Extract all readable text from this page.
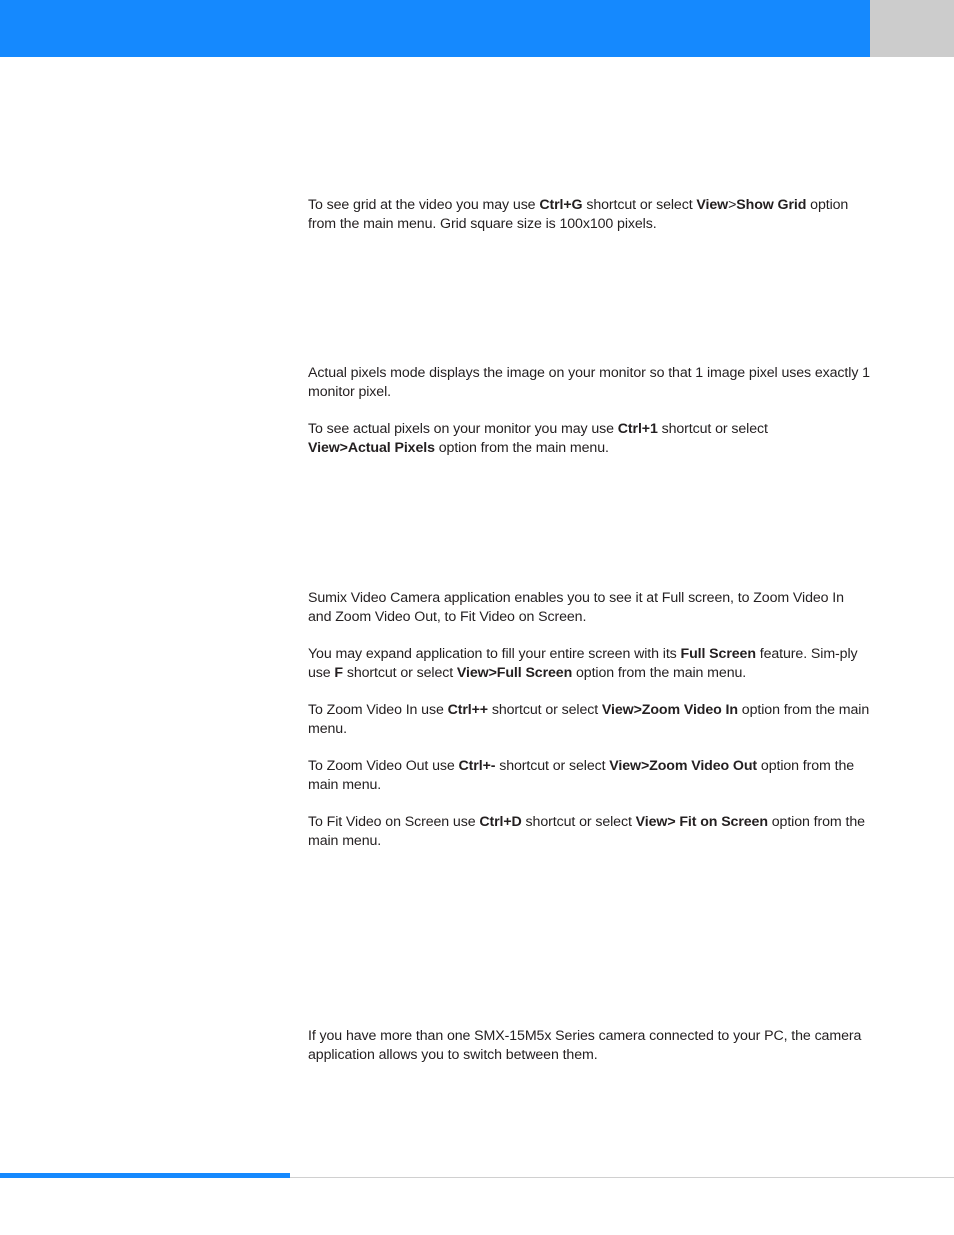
To see grid at the video you may use Ctrl+G shortcut or select View>Show Grid option from the main menu. Grid square size is 100x100 pixels.

Actual pixels mode displays the image on your monitor so that 1 image pixel uses exactly 1 monitor pixel.

To see actual pixels on your monitor you may use Ctrl+1 shortcut or select
View>Actual Pixels option from the main menu.

Sumix Video Camera application enables you to see it at Full screen, to Zoom Video In and Zoom Video Out, to Fit Video on Screen.

You may expand application to fill your entire screen with its Full Screen feature. Sim-ply use F shortcut or select View>Full Screen option from the main menu.

To Zoom Video In use Ctrl++ shortcut or select View>Zoom Video In option from the main menu.

To Zoom Video Out use Ctrl+- shortcut or select View>Zoom Video Out option from the main menu.

To Fit Video on Screen use Ctrl+D shortcut or select View> Fit on Screen option from the main menu.

If you have more than one SMX-15M5x Series camera connected to your PC, the camera application allows you to switch between them.
